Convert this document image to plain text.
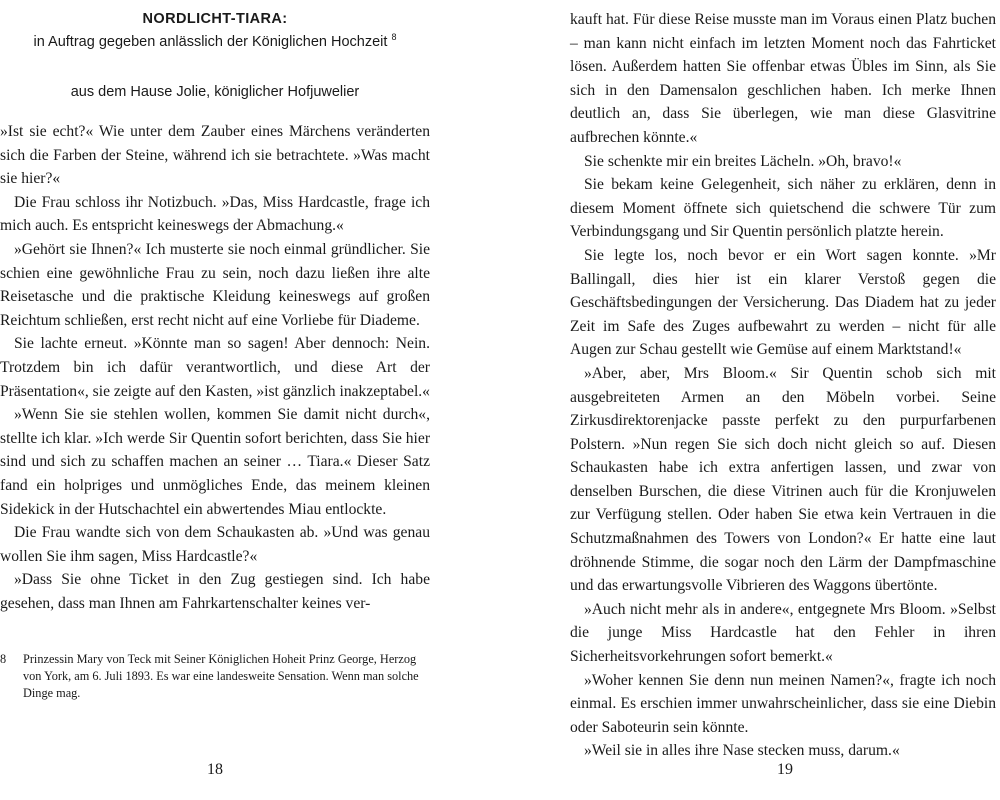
NORDLICHT-TIARA:
in Auftrag gegeben anlässlich der Königlichen Hochzeit $^8$
aus dem Hause Jolie, königlicher Hofjuwelier

»Ist sie echt?« Wie unter dem Zauber eines Märchens veränderten sich die Farben der Steine, während ich sie betrachtete. »Was macht sie hier?«

Die Frau schloss ihr Notizbuch. »Das, Miss Hardcastle, frage ich mich auch. Es entspricht keineswegs der Abmachung.«

»Gehört sie Ihnen?« Ich musterte sie noch einmal gründlicher. Sie schien eine gewöhnliche Frau zu sein, noch dazu ließen ihre alte Reisetasche und die praktische Kleidung keineswegs auf großen Reichtum schließen, erst recht nicht auf eine Vorliebe für Diademe.

Sie lachte erneut. »Könnte man so sagen! Aber dennoch: Nein. Trotzdem bin ich dafür verantwortlich, und diese Art der Präsentation«, sie zeigte auf den Kasten, »ist gänzlich inakzeptabel.«

»Wenn Sie sie stehlen wollen, kommen Sie damit nicht durch«, stellte ich klar. »Ich werde Sir Quentin sofort berichten, dass Sie hier sind und sich zu schaffen machen an seiner … Tiara.« Dieser Satz fand ein holpriges und unmögliches Ende, das meinem kleinen Sidekick in der Hutschachtel ein abwertendes Miau entlockte.

Die Frau wandte sich von dem Schaukasten ab. »Und was genau wollen Sie ihm sagen, Miss Hardcastle?«

»Dass Sie ohne Ticket in den Zug gestiegen sind. Ich habe gesehen, dass man Ihnen am Fahrkartenschalter keines ver-

8 Prinzessin Mary von Teck mit Seiner Königlichen Hoheit Prinz George, Herzog von York, am 6. Juli 1893. Es war eine landesweite Sensation. Wenn man solche Dinge mag.
18

kauft hat. Für diese Reise musste man im Voraus einen Platz buchen – man kann nicht einfach im letzten Moment noch das Fahrticket lösen. Außerdem hatten Sie offenbar etwas Übles im Sinn, als Sie sich in den Damensalon geschlichen haben. Ich merke Ihnen deutlich an, dass Sie überlegen, wie man diese Glasvitrine aufbrechen könnte.«

Sie schenkte mir ein breites Lächeln. »Oh, bravo!«

Sie bekam keine Gelegenheit, sich näher zu erklären, denn in diesem Moment öffnete sich quietschend die schwere Tür zum Verbindungsgang und Sir Quentin persönlich platzte herein.

Sie legte los, noch bevor er ein Wort sagen konnte. »Mr Ballingall, dies hier ist ein klarer Verstoß gegen die Geschäftsbedingungen der Versicherung. Das Diadem hat zu jeder Zeit im Safe des Zuges aufbewahrt zu werden – nicht für alle Augen zur Schau gestellt wie Gemüse auf einem Marktstand!«

»Aber, aber, Mrs Bloom.« Sir Quentin schob sich mit ausgebreiteten Armen an den Möbeln vorbei. Seine Zirkusdirektorenjacke passte perfekt zu den purpurfarbenen Polstern. »Nun regen Sie sich doch nicht gleich so auf. Diesen Schaukasten habe ich extra anfertigen lassen, und zwar von denselben Burschen, die diese Vitrinen auch für die Kronjuwelen zur Verfügung stellen. Oder haben Sie etwa kein Vertrauen in die Schutzmaßnahmen des Towers von London?« Er hatte eine laut dröhnende Stimme, die sogar noch den Lärm der Dampfmaschine und das erwartungsvolle Vibrieren des Waggons übertönte.

»Auch nicht mehr als in andere«, entgegnete Mrs Bloom. »Selbst die junge Miss Hardcastle hat den Fehler in ihren Sicherheitsvorkehrungen sofort bemerkt.«

»Woher kennen Sie denn nun meinen Namen?«, fragte ich noch einmal. Es erschien immer unwahrscheinlicher, dass sie eine Diebin oder Saboteurin sein könnte.

»Weil sie in alles ihre Nase stecken muss, darum.«

19
